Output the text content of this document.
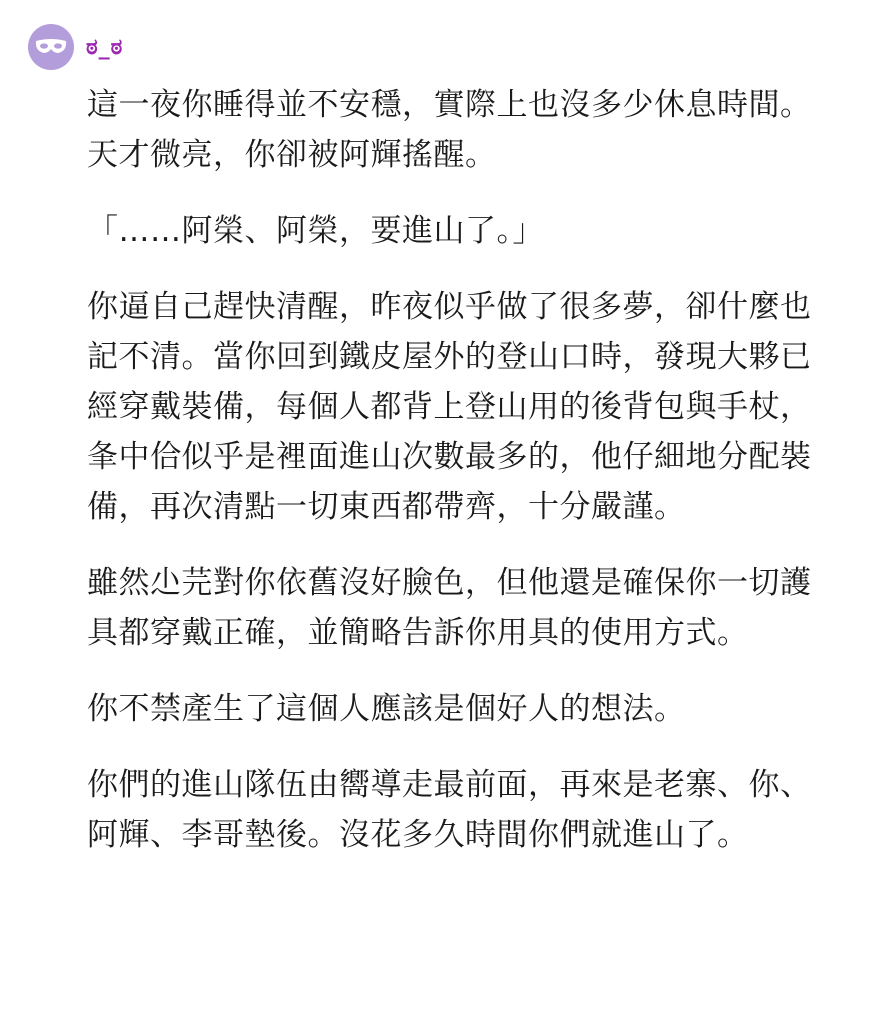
ಠ_ಠ

這一夜你睡得並不安穩，實際上也沒多少休息時間。天才微亮，你卻被阿輝搖醒。

「……阿榮、阿榮，要進山了。」

你逼自己趕快清醒，昨夜似乎做了很多夢，卻什麼也記不清。當你回到鐵皮屋外的登山口時，發現大夥已經穿戴裝備，每個人都背上登山用的後背包與手杖，夆中佮似乎是裡面進山次數最多的，他仔細地分配裝備，再次清點一切東西都帶齊，十分嚴謹。

雖然尐芫對你依舊沒好臉色，但他還是確保你一切護具都穿戴正確，並簡略告訴你用具的使用方式。

你不禁產生了這個人應該是個好人的想法。

你們的進山隊伍由嚮導走最前面，再來是老寨、你、阿輝、李哥墊後。沒花多久時間你們就進山了。
